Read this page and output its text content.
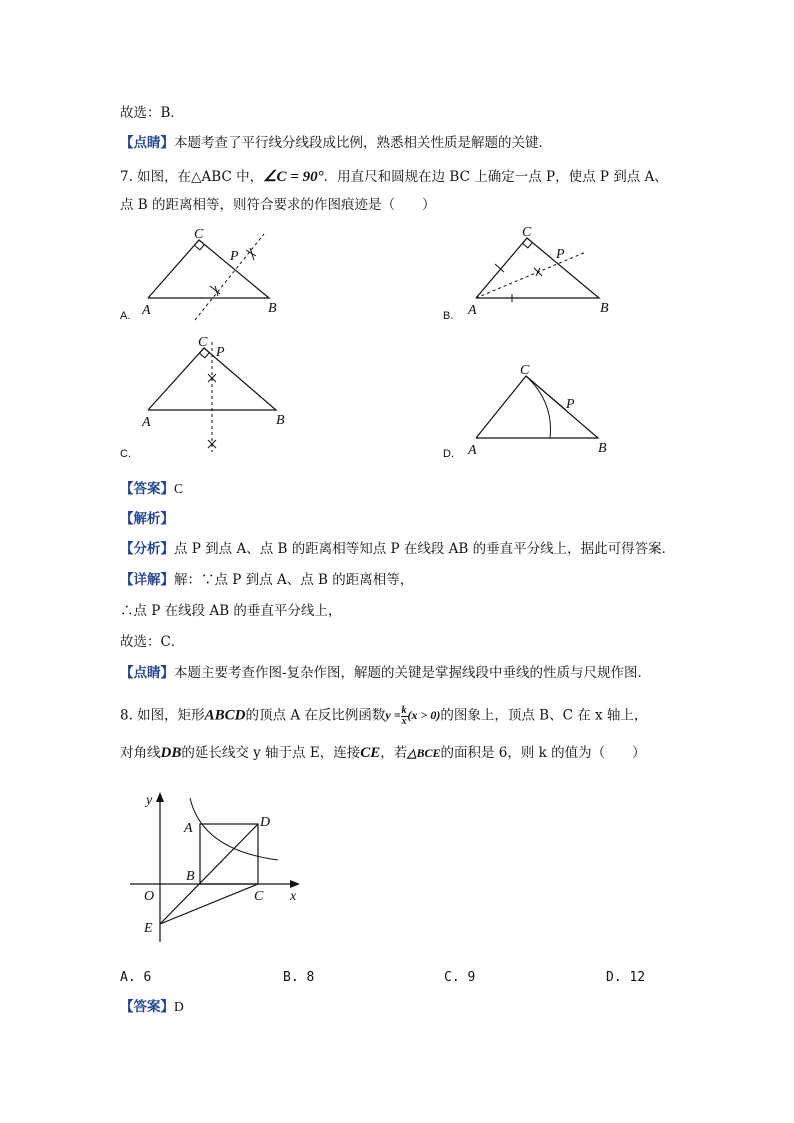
故选：B．
【点睛】本题考查了平行线分线段成比例，熟悉相关性质是解题的关键．
7. 如图，在△ABC 中，∠C = 90°．用直尺和圆规在边 BC 上确定一点 P，使点 P 到点 A、
点 B 的距离相等，则符合要求的作图痕迹是（　　）
C
P
A	B
A.
C
P
A	B
B.
C
P
A	B
C.
C
P
A	B
D.
【答案】C
【解析】
【分析】点 P 到点 A、点 B 的距离相等知点 P 在线段 AB 的垂直平分线上，据此可得答案．
【详解】解：∵点 P 到点 A、点 B 的距离相等，
∴点 P 在线段 AB 的垂直平分线上，
故选：C．
【点睛】本题主要考查作图-复杂作图，解题的关键是掌握线段中垂线的性质与尺规作图．
8. 如图，矩形ABCD的顶点 A 在反比例函数$y = \frac{k}{x} (x > 0)$的图象上，顶点 B、C 在 x 轴上，
对角线DB的延长线交 y 轴于点 E，连接CE，若△BCE的面积是 6，则 k 的值为（　　）
y
x
O
A
B
C
D
E
A. 6	B. 8	C. 9	D. 12
【答案】D
